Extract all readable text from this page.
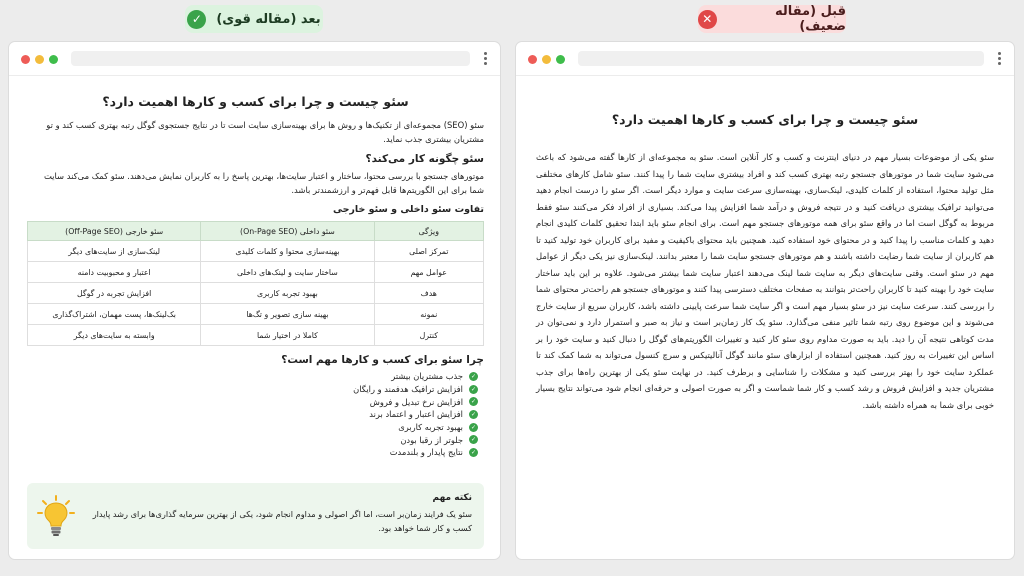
بعد (مقاله قوی)
✓	قبل (مقاله ضعیف)
✕
سئو چیست و چرا برای کسب و کارها اهمیت دارد؟
سئو (SEO) مجموعه‌ای از تکنیک‌ها و روش ها برای بهینه‌سازی سایت است تا در نتایج جستجوی گوگل رتبه بهتری کسب کند و تو مشتریان بیشتری جذب نماید.
سئو چگونه کار می‌کند؟
موتورهای جستجو با بررسی محتوا، ساختار و اعتبار سایت‌ها، بهترین پاسخ را به کاربران نمایش می‌دهند. سئو کمک می‌کند سایت شما برای این الگوریتم‌ها قابل فهم‌تر و ارزشمندتر باشد.
تفاوت سئو داخلی و سئو خارجی
ویژگی	سئو داخلی (On-Page SEO)	سئو خارجی (Off-Page SEO)
تمرکز اصلی	بهینه‌سازی محتوا و کلمات کلیدی	لینک‌سازی از سایت‌های دیگر
عوامل مهم	ساختار سایت و لینک‌های داخلی	اعتبار و محبوبیت دامنه
هدف	بهبود تجربه کاربری	افزایش تجربه در گوگل
نمونه	بهینه سازی تصویر و تگ‌ها	بک‌لینک‌ها، پست مهمان، اشتراک‌گذاری
کنترل	کاملا در اختیار شما	وابسته به سایت‌های دیگر
چرا سئو برای کسب و کارها مهم است؟
✓
جذب مشتریان بیشتر
✓
افزایش ترافیک هدفمند و رایگان
✓
افزایش نرخ تبدیل و فروش
✓
افزایش اعتبار و اعتماد برند
✓
بهبود تجربه کاربری
✓
جلوتر از رقبا بودن
✓
نتایج پایدار و بلندمدت
نکته مهم
سئو یک فرایند زمان‌بر است، اما اگر اصولی و مداوم انجام شود، یکی از بهترین سرمایه گذاری‌ها برای رشد پایدار کسب و کار شما خواهد بود.
سئو چیست و چرا برای کسب و کارها اهمیت دارد؟
سئو یکی از موضوعات بسیار مهم در دنیای اینترنت و کسب و کار آنلاین است. سئو به مجموعه‌ای از کارها گفته می‌شود که باعث می‌شود سایت شما در موتورهای جستجو رتبه بهتری کسب کند و افراد بیشتری سایت شما را پیدا کنند. سئو شامل کارهای مختلفی مثل تولید محتوا، استفاده از کلمات کلیدی، لینک‌سازی، بهینه‌سازی سرعت سایت و موارد دیگر است. اگر سئو را درست انجام دهید می‌توانید ترافیک بیشتری دریافت کنید و در نتیجه فروش و درآمد شما افزایش پیدا می‌کند. بسیاری از افراد فکر می‌کنند سئو فقط مربوط به گوگل است اما در واقع سئو برای همه موتورهای جستجو مهم است. برای انجام سئو باید ابتدا تحقیق کلمات کلیدی انجام دهید و کلمات مناسب را پیدا کنید و در محتوای خود استفاده کنید. همچنین باید محتوای باکیفیت و مفید برای کاربران خود تولید کنید تا هم کاربران از سایت شما رضایت داشته باشند و هم موتورهای جستجو سایت شما را معتبر بدانند. لینک‌سازی نیز یکی دیگر از عوامل مهم در سئو است. وقتی سایت‌های دیگر به سایت شما لینک می‌دهند اعتبار سایت شما بیشتر می‌شود. علاوه بر این باید ساختار سایت خود را بهینه کنید تا کاربران راحت‌تر بتوانند به صفحات مختلف دسترسی پیدا کنند و موتورهای جستجو هم راحت‌تر محتوای شما را بررسی کنند. سرعت سایت نیز در سئو بسیار مهم است و اگر سایت شما سرعت پایینی داشته باشد، کاربران سریع از سایت خارج می‌شوند و این موضوع روی رتبه شما تاثیر منفی می‌گذارد. سئو یک کار زمان‌بر است و نیاز به صبر و استمرار دارد و نمی‌توان در مدت کوتاهی نتیجه آن را دید. باید به صورت مداوم روی سئو کار کنید و تغییرات الگوریتم‌های گوگل را دنبال کنید و سایت خود را بر اساس این تغییرات به روز کنید. همچنین استفاده از ابزارهای سئو مانند گوگل آنالیتیکس و سرچ کنسول می‌تواند به شما کمک کند تا عملکرد سایت خود را بهتر بررسی کنید و مشکلات را شناسایی و برطرف کنید. در نهایت سئو یکی از بهترین راه‌ها برای جذب مشتریان جدید و افزایش فروش و رشد کسب و کار شما شماست و اگر به صورت اصولی و حرفه‌ای انجام شود می‌تواند نتایج بسیار خوبی برای شما به همراه داشته باشد.
